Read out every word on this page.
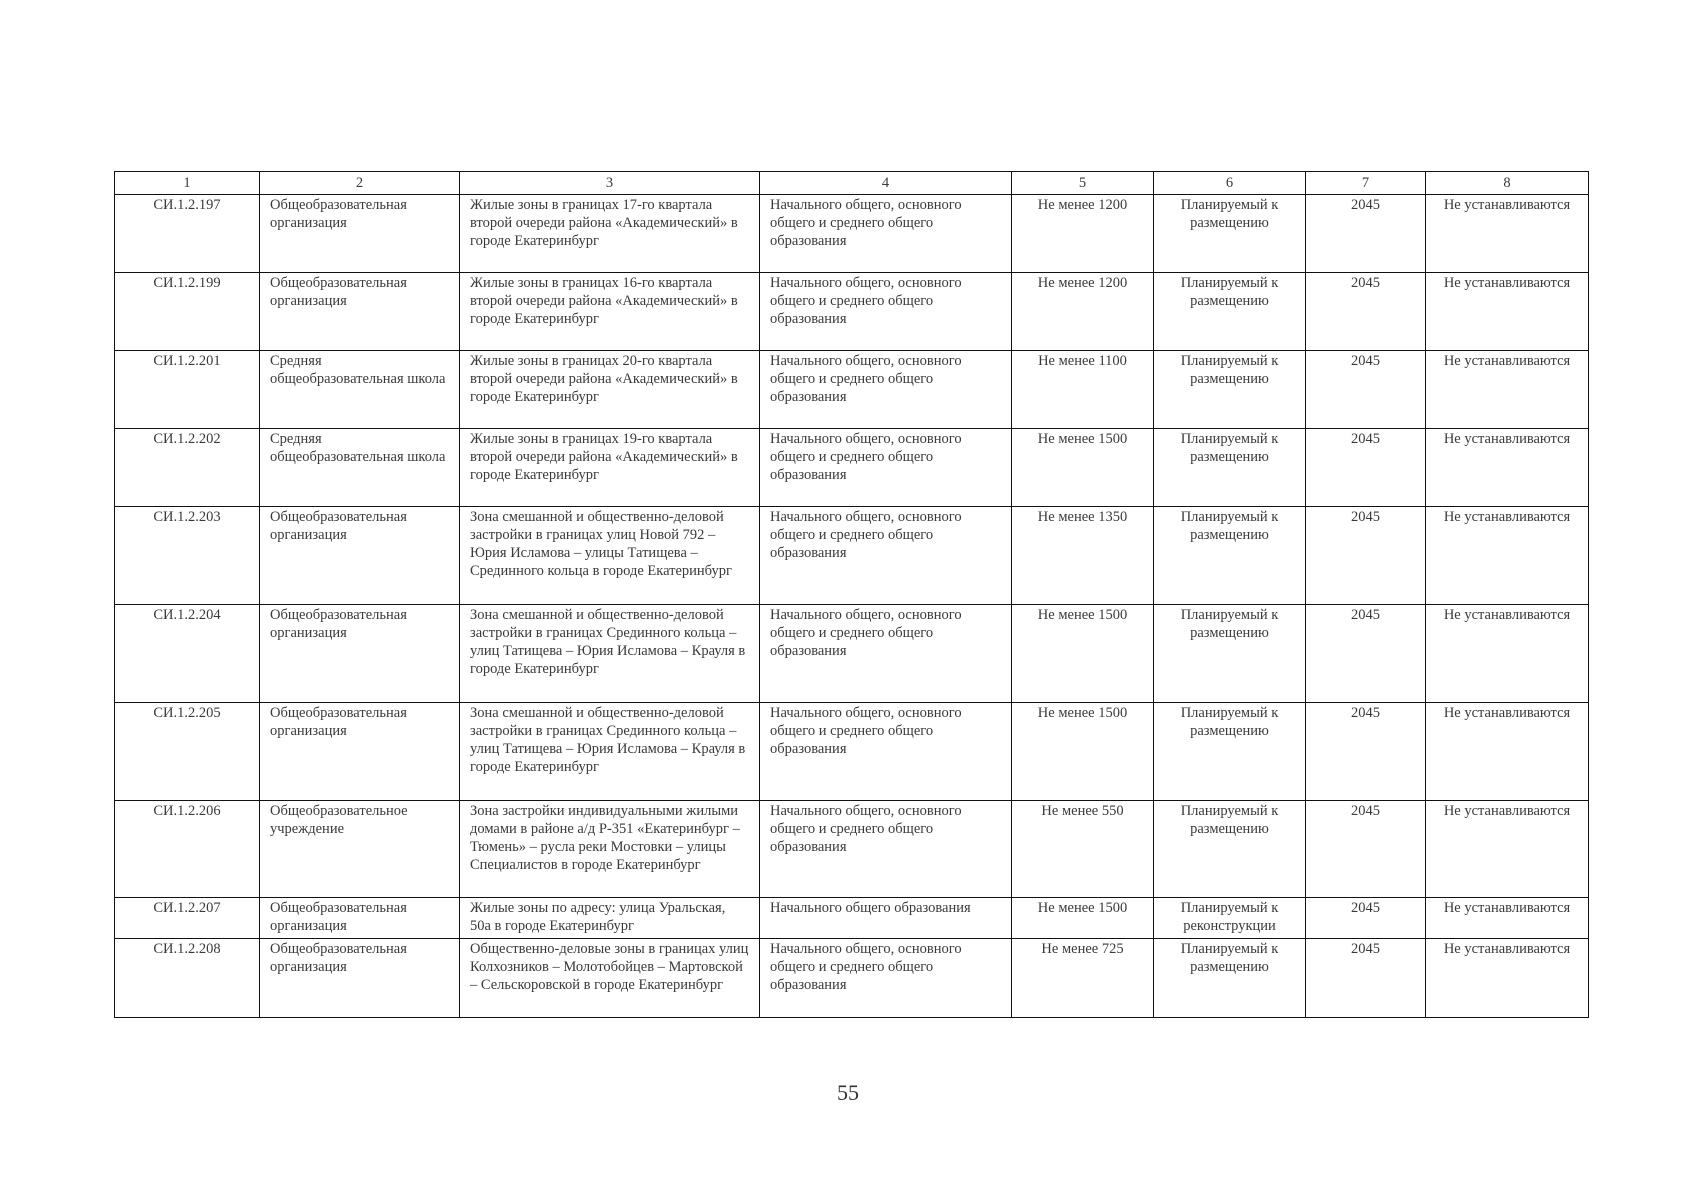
1	2	3	4	5	6	7	8
СИ.1.2.197	Общеобразовательная организация	Жилые зоны в границах 17-го квартала второй очереди района «Академический» в городе Екатеринбург	Начального общего, основного общего и среднего общего образования	Не менее 1200	Планируемый к размещению	2045	Не устанавливаются
СИ.1.2.199	Общеобразовательная организация	Жилые зоны в границах 16-го квартала второй очереди района «Академический» в городе Екатеринбург	Начального общего, основного общего и среднего общего образования	Не менее 1200	Планируемый к размещению	2045	Не устанавливаются
СИ.1.2.201	Средняя общеобразовательная школа	Жилые зоны в границах 20-го квартала второй очереди района «Академический» в городе Екатеринбург	Начального общего, основного общего и среднего общего образования	Не менее 1100	Планируемый к размещению	2045	Не устанавливаются
СИ.1.2.202	Средняя общеобразовательная школа	Жилые зоны в границах 19-го квартала второй очереди района «Академический» в городе Екатеринбург	Начального общего, основного общего и среднего общего образования	Не менее 1500	Планируемый к размещению	2045	Не устанавливаются
СИ.1.2.203	Общеобразовательная организация	Зона смешанной и общественно-деловой застройки в границах улиц Новой 792 – Юрия Исламова – улицы Татищева – Срединного кольца в городе Екатеринбург	Начального общего, основного общего и среднего общего образования	Не менее 1350	Планируемый к размещению	2045	Не устанавливаются
СИ.1.2.204	Общеобразовательная организация	Зона смешанной и общественно-деловой застройки в границах Срединного кольца – улиц Татищева – Юрия Исламова – Крауля в городе Екатеринбург	Начального общего, основного общего и среднего общего образования	Не менее 1500	Планируемый к размещению	2045	Не устанавливаются
СИ.1.2.205	Общеобразовательная организация	Зона смешанной и общественно-деловой застройки в границах Срединного кольца – улиц Татищева – Юрия Исламова – Крауля в городе Екатеринбург	Начального общего, основного общего и среднего общего образования	Не менее 1500	Планируемый к размещению	2045	Не устанавливаются
СИ.1.2.206	Общеобразовательное учреждение	Зона застройки индивидуальными жилыми домами в районе а/д Р-351 «Екатеринбург – Тюмень» – русла реки Мостовки – улицы Специалистов в городе Екатеринбург	Начального общего, основного общего и среднего общего образования	Не менее 550	Планируемый к размещению	2045	Не устанавливаются
СИ.1.2.207	Общеобразовательная организация	Жилые зоны по адресу: улица Уральская, 50а в городе Екатеринбург	Начального общего образования	Не менее 1500	Планируемый к реконструкции	2045	Не устанавливаются
СИ.1.2.208	Общеобразовательная организация	Общественно-деловые зоны в границах улиц Колхозников – Молотобойцев – Мартовской – Сельскоровской в городе Екатеринбург	Начального общего, основного общего и среднего общего образования	Не менее 725	Планируемый к размещению	2045	Не устанавливаются
55
